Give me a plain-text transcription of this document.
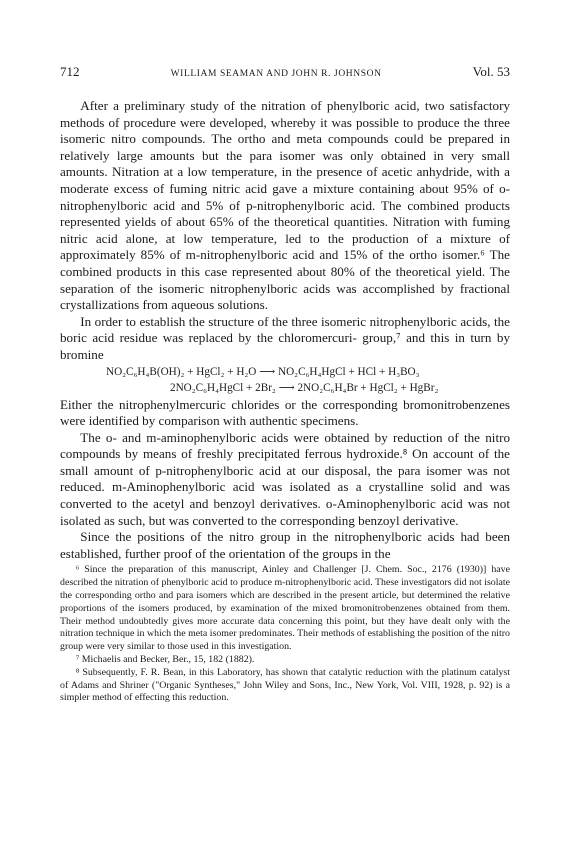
712	WILLIAM SEAMAN AND JOHN R. JOHNSON	Vol. 53

After a preliminary study of the nitration of phenylboric acid, two satisfactory methods of procedure were developed, whereby it was possible to produce the three isomeric nitro compounds. The ortho and meta compounds could be prepared in relatively large amounts but the para isomer was only obtained in very small amounts. Nitration at a low temperature, in the presence of acetic anhydride, with a moderate excess of fuming nitric acid gave a mixture containing about 95% of o-nitrophenylboric acid and 5% of p-nitrophenylboric acid. The combined products represented yields of about 65% of the theoretical quantities. Nitration with fuming nitric acid alone, at low temperature, led to the production of a mixture of approximately 85% of m-nitrophenylboric acid and 15% of the ortho isomer.⁶ The combined products in this case represented about 80% of the theoretical yield. The separation of the isomeric nitrophenylboric acids was accomplished by fractional crystallizations from aqueous solutions.

In order to establish the structure of the three isomeric nitrophenylboric acids, the boric acid residue was replaced by the chloromercuri- group,⁷ and this in turn by bromine

NO₂C₆H₄B(OH)₂ + HgCl₂ + H₂O ⟶ NO₂C₆H₄HgCl + HCl + H₃BO₃
2NO₂C₆H₄HgCl + 2Br₂ ⟶ 2NO₂C₆H₄Br + HgCl₂ + HgBr₂

Either the nitrophenylmercuric chlorides or the corresponding bromonitrobenzenes were identified by comparison with authentic specimens.

The o- and m-aminophenylboric acids were obtained by reduction of the nitro compounds by means of freshly precipitated ferrous hydroxide.⁸ On account of the small amount of p-nitrophenylboric acid at our disposal, the para isomer was not reduced. m-Aminophenylboric acid was isolated as a crystalline solid and was converted to the acetyl and benzoyl derivatives. o-Aminophenylboric acid was not isolated as such, but was converted to the corresponding benzoyl derivative.

Since the positions of the nitro group in the nitrophenylboric acids had been established, further proof of the orientation of the groups in the

⁶ Since the preparation of this manuscript, Ainley and Challenger [J. Chem. Soc., 2176 (1930)] have described the nitration of phenylboric acid to produce m-nitrophenylboric acid. These investigators did not isolate the corresponding ortho and para isomers which are described in the present article, but determined the relative proportions of the isomers produced, by examination of the mixed bromonitrobenzenes obtained from them. Their method undoubtedly gives more accurate data concerning this point, but they have dealt only with the nitration technique in which the meta isomer predominates. Their methods of establishing the position of the nitro group were very similar to those used in this investigation.

⁷ Michaelis and Becker, Ber., 15, 182 (1882).

⁸ Subsequently, F. R. Bean, in this Laboratory, has shown that catalytic reduction with the platinum catalyst of Adams and Shriner ("Organic Syntheses," John Wiley and Sons, Inc., New York, Vol. VIII, 1928, p. 92) is a simpler method of effecting this reduction.
